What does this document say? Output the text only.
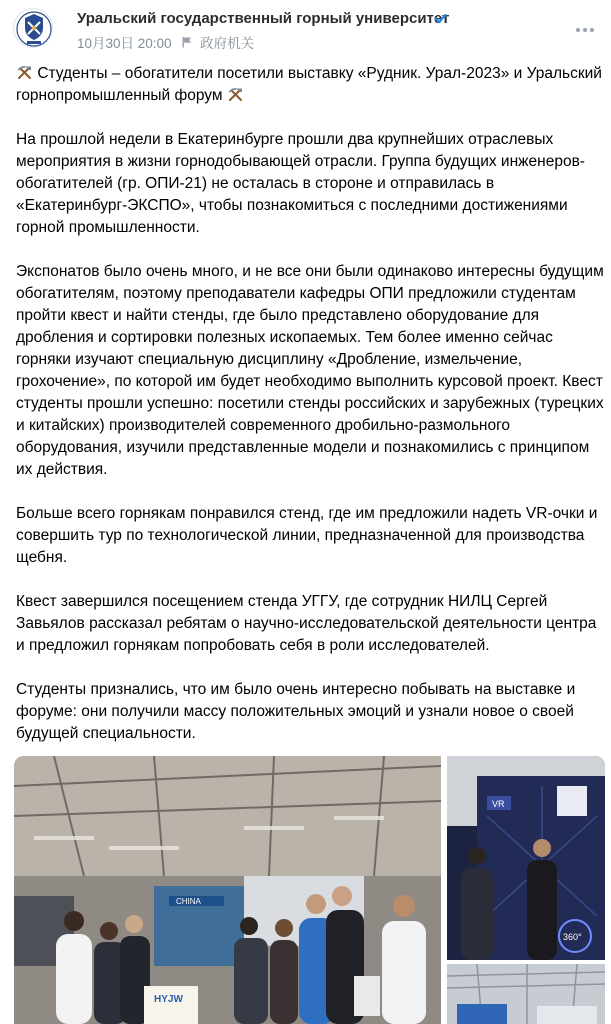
Уральский государственный горный университет
10月30日 20:00 政府机关
Студенты – обогатители посетили выставку «Рудник. Урал-2023» и Уральский горнопромышленный форум

На прошлой недели в Екатеринбурге прошли два крупнейших отраслевых мероприятия в жизни горнодобывающей отрасли. Группа будущих инженеров-обогатителей (гр. ОПИ-21) не осталась в стороне и отправилась в «Екатеринбург-ЭКСПО», чтобы познакомиться с последними достижениями горной промышленности.

Экспонатов было очень много, и не все они были одинаково интересны будущим обогатителям, поэтому преподаватели кафедры ОПИ предложили студентам пройти квест и найти стенды, где было представлено оборудование для дробления и сортировки полезных ископаемых. Тем более именно сейчас горняки изучают специальную дисциплину «Дробление, измельчение, грохочение», по которой им будет необходимо выполнить курсовой проект. Квест студенты прошли успешно: посетили стенды российских и зарубежных (турецких и китайских) производителей современного дробильно-размольного оборудования, изучили представленные модели и познакомились с принципом их действия.

Больше всего горнякам понравился стенд, где им предложили надеть VR-очки и совершить тур по технологической линии, предназначенной для производства щебня.

Квест завершился посещением стенда УГГУ, где сотрудник НИЛЦ Сергей Завьялов рассказал ребятам о научно-исследовательской деятельности центра и предложил горнякам попробовать себя в роли исследователей.

Студенты признались, что им было очень интересно побывать на выставке и форуме: они получили массу положительных эмоций и узнали новое о своей будущей специальности.

CHINA
HYJW
VR
360°
